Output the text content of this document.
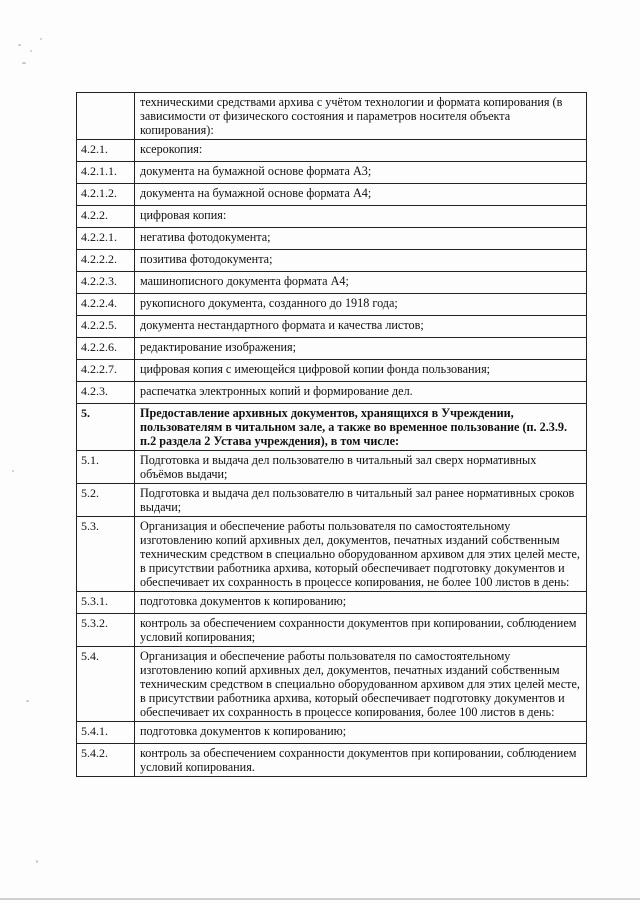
	техническими средствами архива с учётом технологии и формата копирования (в зависимости от физического состояния и параметров носителя объекта копирования):
4.2.1.	ксерокопия:
4.2.1.1.	документа на бумажной основе формата А3;
4.2.1.2.	документа на бумажной основе формата А4;
4.2.2.	цифровая копия:
4.2.2.1.	негатива фотодокумента;
4.2.2.2.	позитива фотодокумента;
4.2.2.3.	машинописного документа формата А4;
4.2.2.4.	рукописного документа, созданного до 1918 года;
4.2.2.5.	документа нестандартного формата и качества листов;
4.2.2.6.	редактирование изображения;
4.2.2.7.	цифровая копия с имеющейся цифровой копии фонда пользования;
4.2.3.	распечатка электронных копий и формирование дел.
5.	Предоставление архивных документов, хранящихся в Учреждении, пользователям в читальном зале, а также во временное пользование (п. 2.3.9. п.2 раздела 2 Устава учреждения), в том числе:
5.1.	Подготовка и выдача дел пользователю в читальный зал сверх нормативных объёмов выдачи;
5.2.	Подготовка и выдача дел пользователю в читальный зал ранее нормативных сроков выдачи;
5.3.	Организация и обеспечение работы пользователя по самостоятельному изготовлению копий архивных дел, документов, печатных изданий собственным техническим средством в специально оборудованном архивом для этих целей месте, в присутствии работника архива, который обеспечивает подготовку документов и обеспечивает их сохранность в процессе копирования, не более 100 листов в день:
5.3.1.	подготовка документов к копированию;
5.3.2.	контроль за обеспечением сохранности документов при копировании, соблюдением условий копирования;
5.4.	Организация и обеспечение работы пользователя по самостоятельному изготовлению копий архивных дел, документов, печатных изданий собственным техническим средством в специально оборудованном архивом для этих целей месте, в присутствии работника архива, который обеспечивает подготовку документов и обеспечивает их сохранность в процессе копирования, более 100 листов в день:
5.4.1.	подготовка документов к копированию;
5.4.2.	контроль за обеспечением сохранности документов при копировании, соблюдением условий копирования.
